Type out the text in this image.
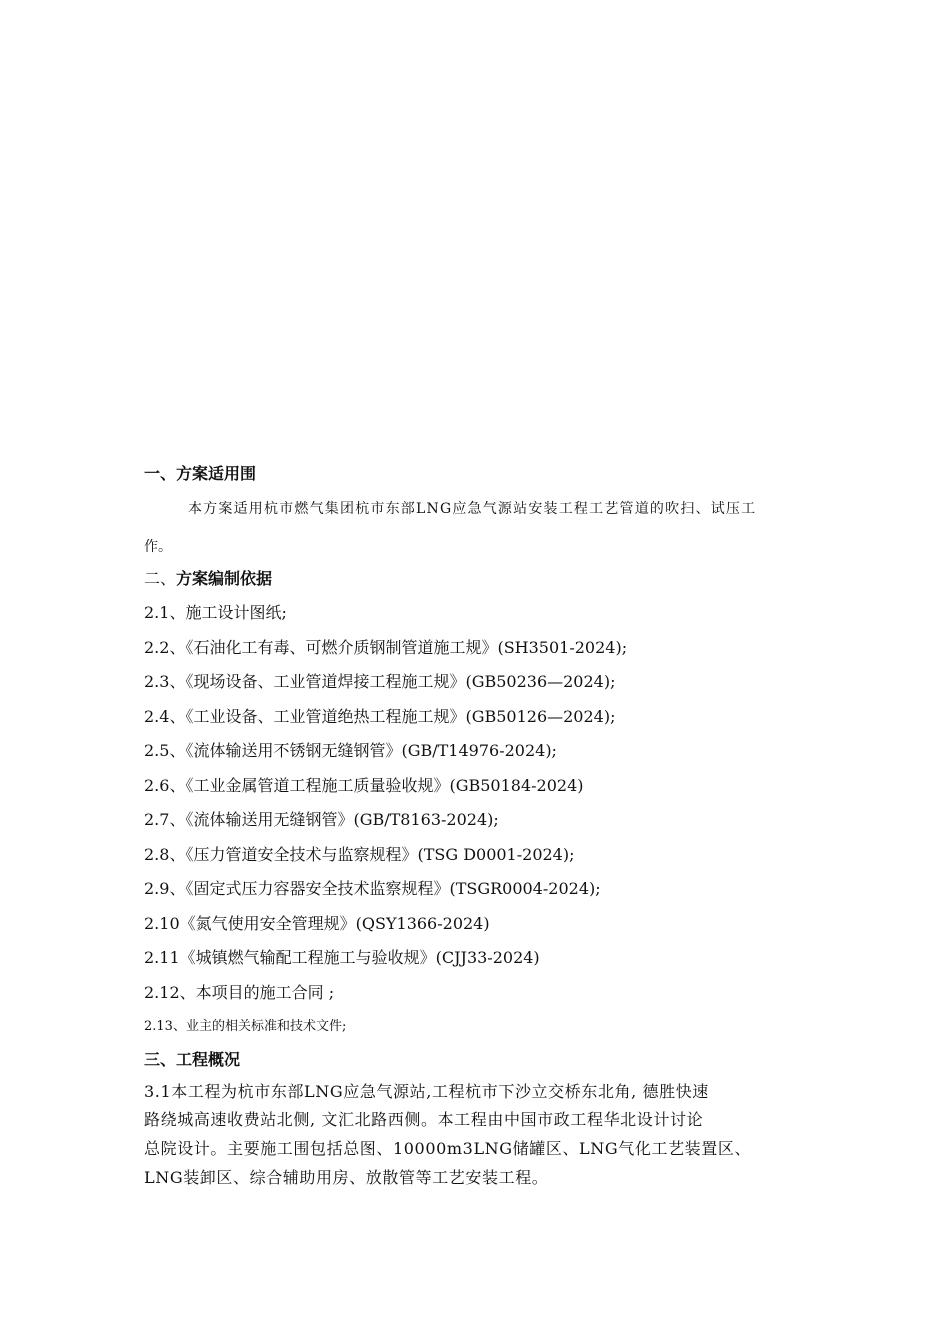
一、方案适用围
本方案适用杭市燃气集团杭市东部LNG应急气源站安装工程工艺管道的吹扫、试压工
作。
二、方案编制依据
2.1、施工设计图纸;
2.2、《石油化工有毒、可燃介质钢制管道施工规》(SH3501-2024);
2.3、《现场设备、工业管道焊接工程施工规》(GB50236—2024);
2.4、《工业设备、工业管道绝热工程施工规》(GB50126—2024);
2.5、《流体输送用不锈钢无缝钢管》(GB/T14976-2024);
2.6、《工业金属管道工程施工质量验收规》(GB50184-2024)
2.7、《流体输送用无缝钢管》(GB/T8163-2024);
2.8、《压力管道安全技术与监察规程》(TSG D0001-2024);
2.9、《固定式压力容器安全技术监察规程》(TSGR0004-2024);
2.10《氮气使用安全管理规》(QSY1366-2024)
2.11《城镇燃气输配工程施工与验收规》(CJJ33-2024)
2.12、本项目的施工合同 ;
2.13、业主的相关标准和技术文件;
三、工程概况
3.1本工程为杭市东部LNG应急气源站,工程杭市下沙立交桥东北角, 德胜快速
路绕城高速收费站北侧, 文汇北路西侧。本工程由中国市政工程华北设计讨论
总院设计。主要施工围包括总图、10000m3LNG储罐区、LNG气化工艺装置区、
LNG装卸区、综合辅助用房、放散管等工艺安装工程。
